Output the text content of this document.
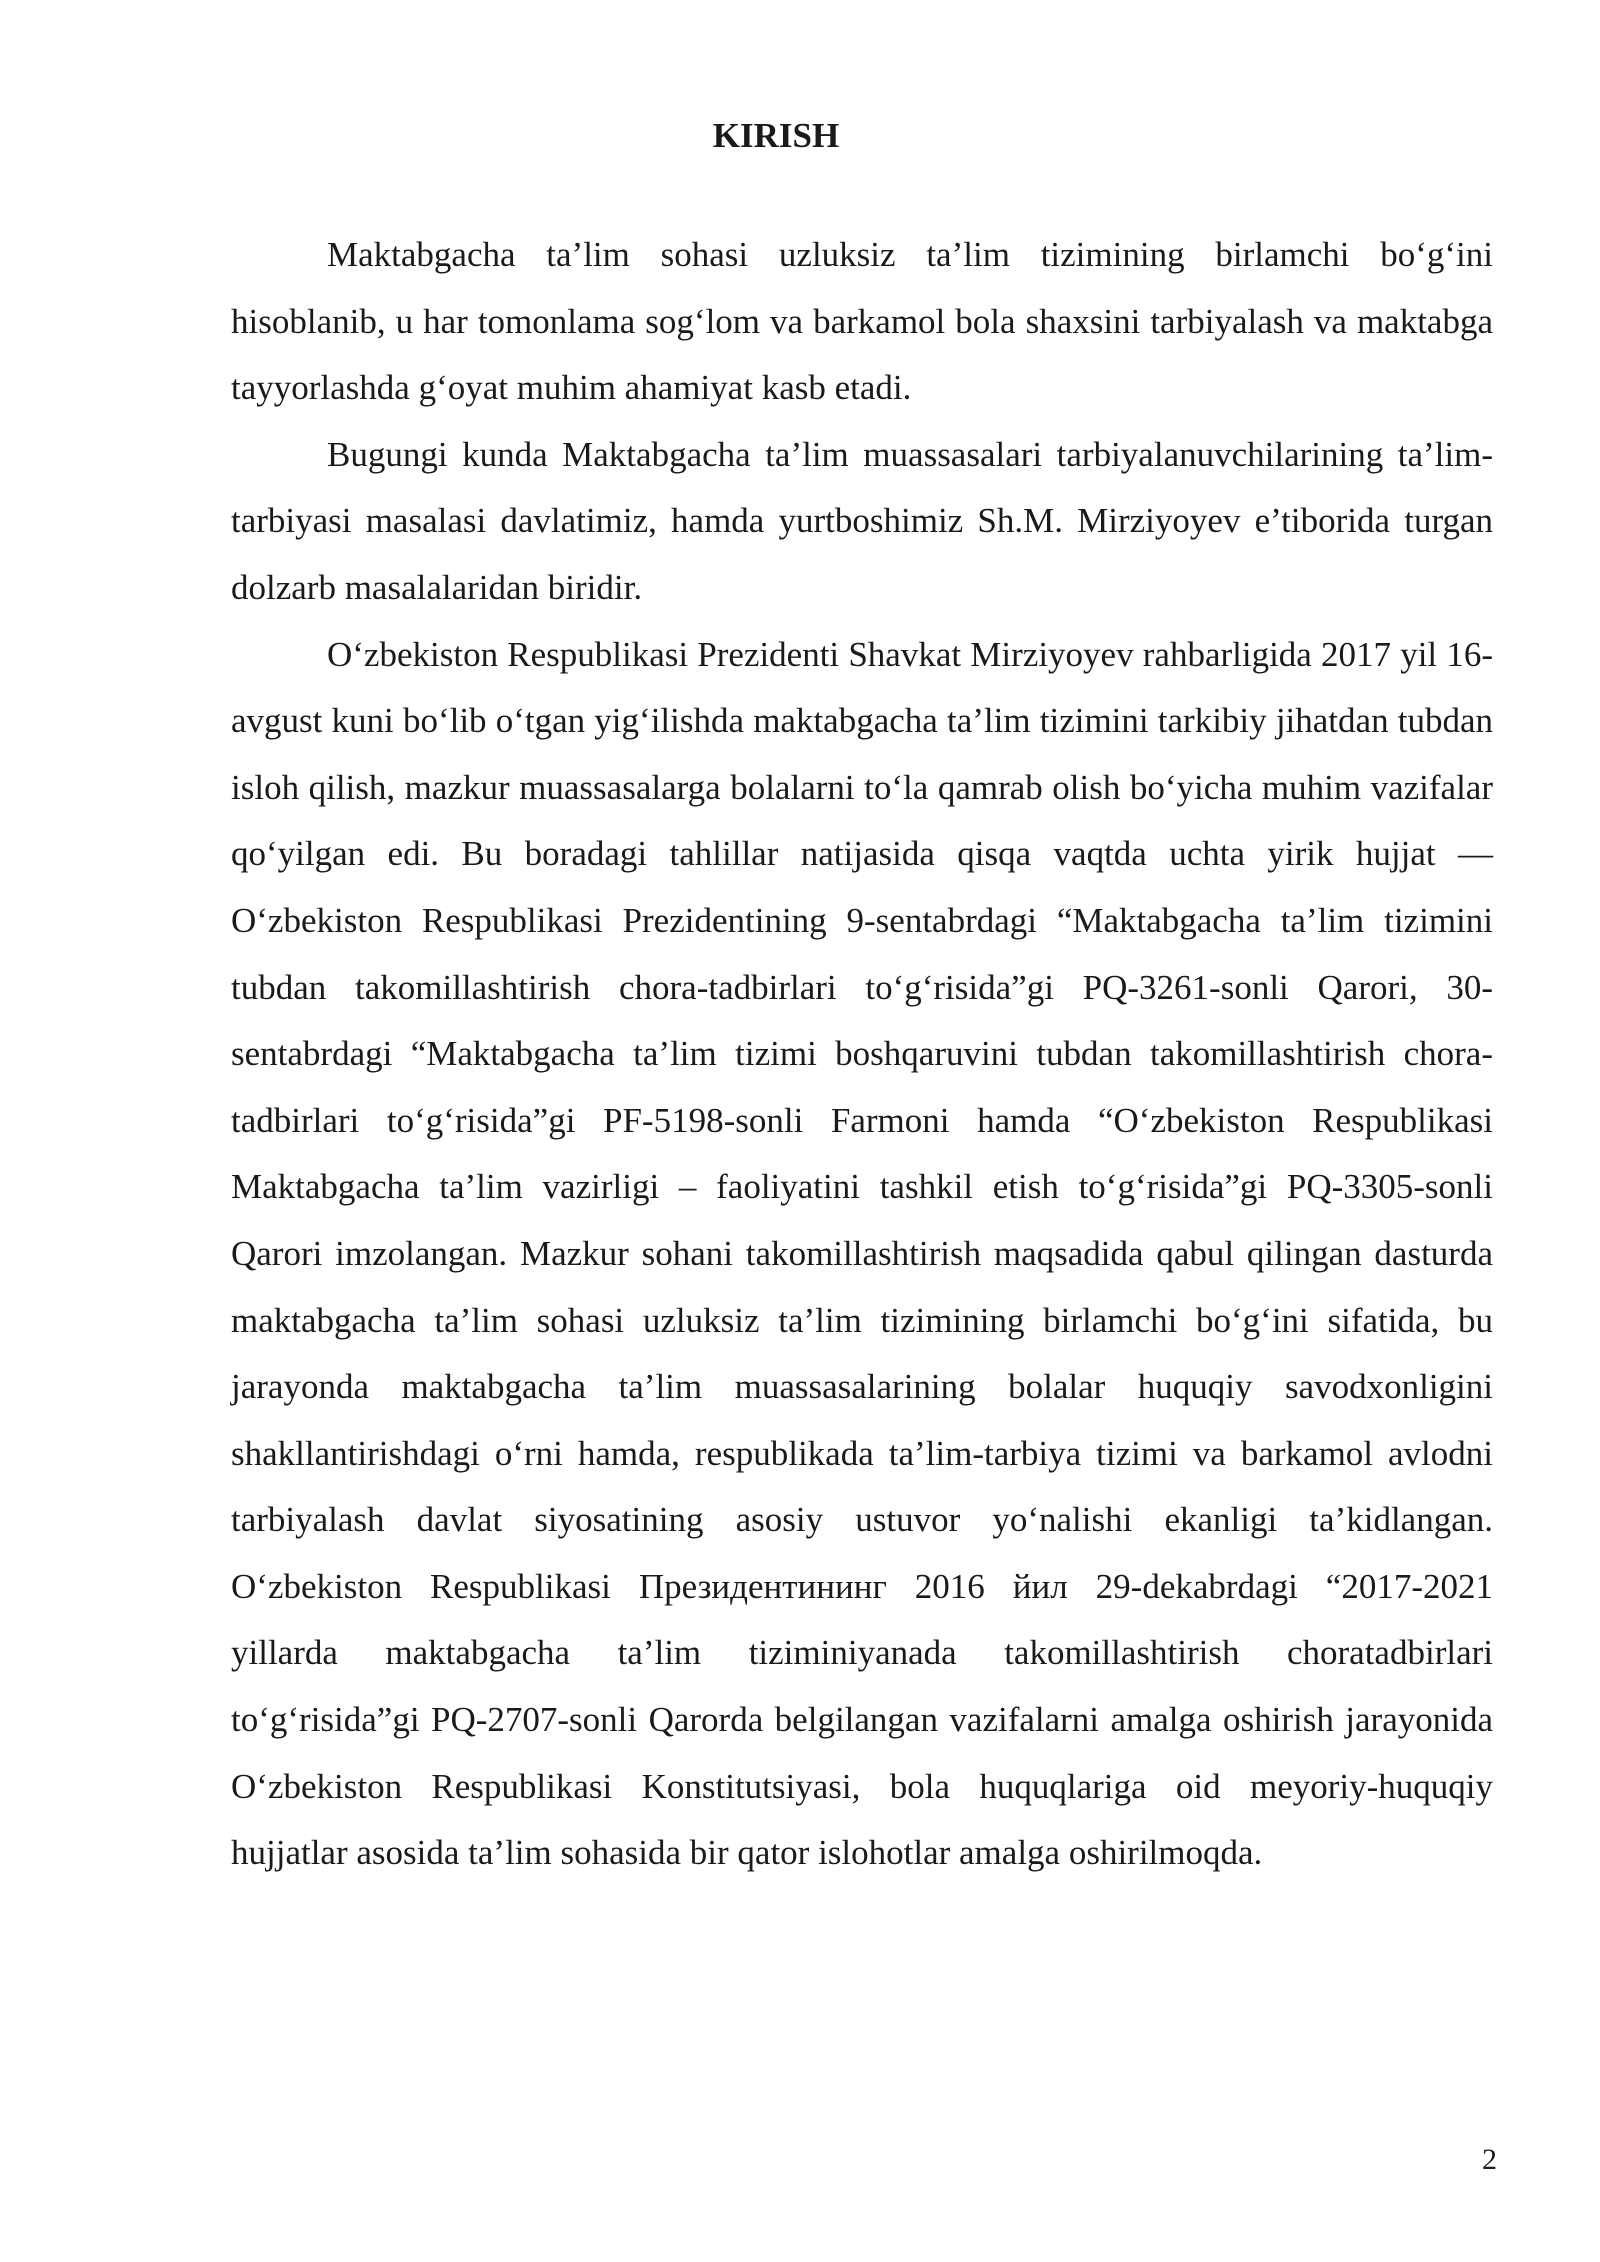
KIRISH

Maktabgacha ta’lim sohasi uzluksiz ta’lim tizimining birlamchi bo‘g‘ini hisoblanib, u har tomonlama sog‘lom va barkamol bola shaxsini tarbiyalash va maktabga tayyorlashda g‘oyat muhim ahamiyat kasb etadi.

Bugungi kunda Maktabgacha ta’lim muassasalari tarbiyalanuvchilarining ta’lim-tarbiyasi masalasi davlatimiz, hamda yurtboshimiz Sh.M. Mirziyoyev e’tiborida turgan dolzarb masalalaridan biridir.

O‘zbekiston Respublikasi Prezidenti Shavkat Mirziyoyev rahbarligida 2017 yil 16-avgust kuni bo‘lib o‘tgan yig‘ilishda maktabgacha ta’lim tizimini tarkibiy jihatdan tubdan isloh qilish, mazkur muassasalarga bolalarni to‘la qamrab olish bo‘yicha muhim vazifalar qo‘yilgan edi. Bu boradagi tahlillar natijasida qisqa vaqtda uchta yirik hujjat — O‘zbekiston Respublikasi Prezidentining 9-sentabrdagi “Maktabgacha ta’lim tizimini tubdan takomillashtirish chora-tadbirlari to‘g‘risida”gi PQ-3261-sonli Qarori, 30-sentabrdagi “Maktabgacha ta’lim tizimi boshqaruvini tubdan takomillashtirish chora-tadbirlari to‘g‘risida”gi PF-5198-sonli Farmoni hamda “O‘zbekiston Respublikasi Maktabgacha ta’lim vazirligi – faoliyatini tashkil etish to‘g‘risida”gi PQ-3305-sonli Qarori imzolangan. Mazkur sohani takomillashtirish maqsadida qabul qilingan dasturda maktabgacha ta’lim sohasi uzluksiz ta’lim tizimining birlamchi bo‘g‘ini sifatida, bu jarayonda maktabgacha ta’lim muassasalarining bolalar huquqiy savodxonligini shakllantirishdagi o‘rni hamda, respublikada ta’lim-tarbiya tizimi va barkamol avlodni tarbiyalash davlat siyosatining asosiy ustuvor yo‘nalishi ekanligi ta’kidlangan. O‘zbekiston Respublikasi Президентининг 2016 йил 29-dekabrdagi “2017-2021 yillarda maktabgacha ta’lim tiziminiyanada takomillashtirish choratadbirlari to‘g‘risida”gi PQ-2707-sonli Qarorda belgilangan vazifalarni amalga oshirish jarayonida O‘zbekiston Respublikasi Konstitutsiyasi, bola huquqlariga oid meyoriy-huquqiy hujjatlar asosida ta’lim sohasida bir qator islohotlar amalga oshirilmoqda.

2
